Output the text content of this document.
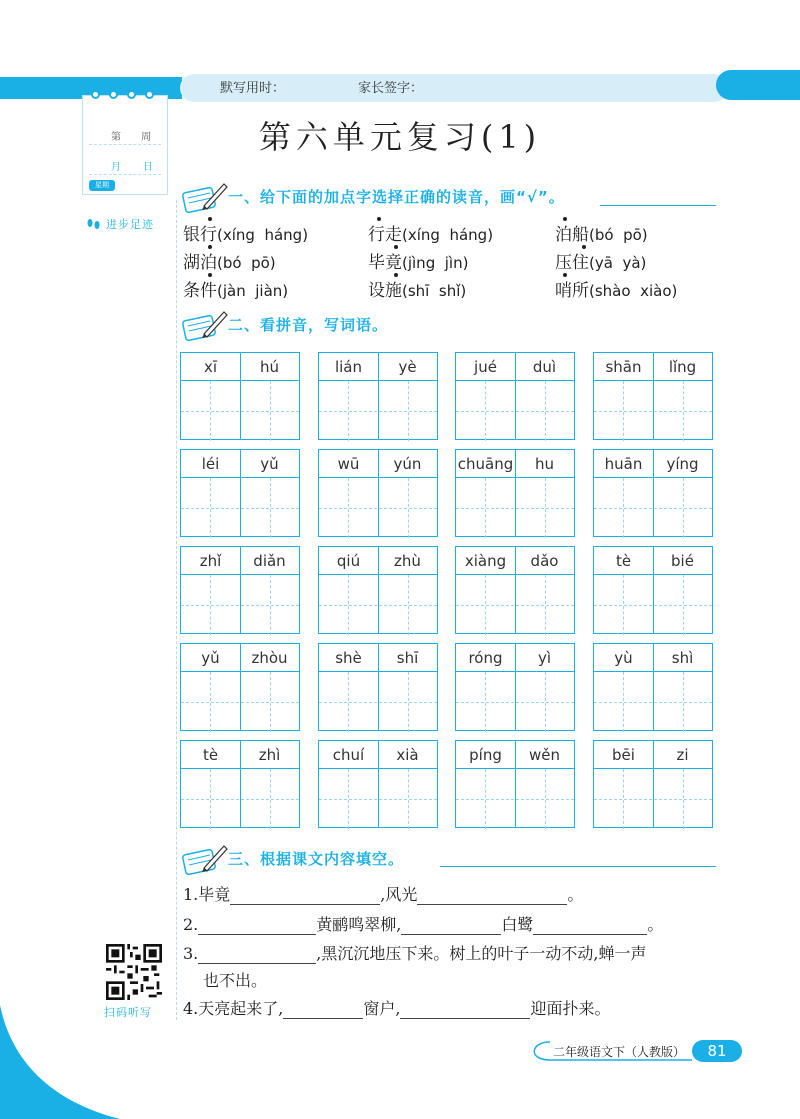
默写用时：	家长签字：
第 周
月 日
星期
进步足迹
第六单元复习(1)
一、给下面的加点字选择正确的读音，画“√”。
银行(xíng  háng)	行走(xíng  háng)	泊船(bó  pō)
湖泊(bó  pō)	毕竟(jìng  jìn)	压住(yā  yà)
条件(jàn  jiàn)	设施(shī  shǐ)	哨所(shào  xiào)
二、看拼音，写词语。
xī	hú	lián	yè	jué	duì	shān	lǐng
léi	yǔ	wū	yún	chuāng	hu	huān	yíng
zhǐ	diǎn	qiú	zhù	xiàng	dǎo	tè	bié
yǔ	zhòu	shè	shī	róng	yì	yù	shì
tè	zhì	chuí	xià	píng	wěn	bēi	zi
三、根据课文内容填空。
1.毕竟	,风光	。
2.	黄鹂鸣翠柳,	白鹭	。
3.	,黑沉沉地压下来。树上的叶子一动不动,蝉一声
也不出。
4.天亮起来了,	窗户,	迎面扑来。
扫码听写
二年级语文下（人教版）	81
